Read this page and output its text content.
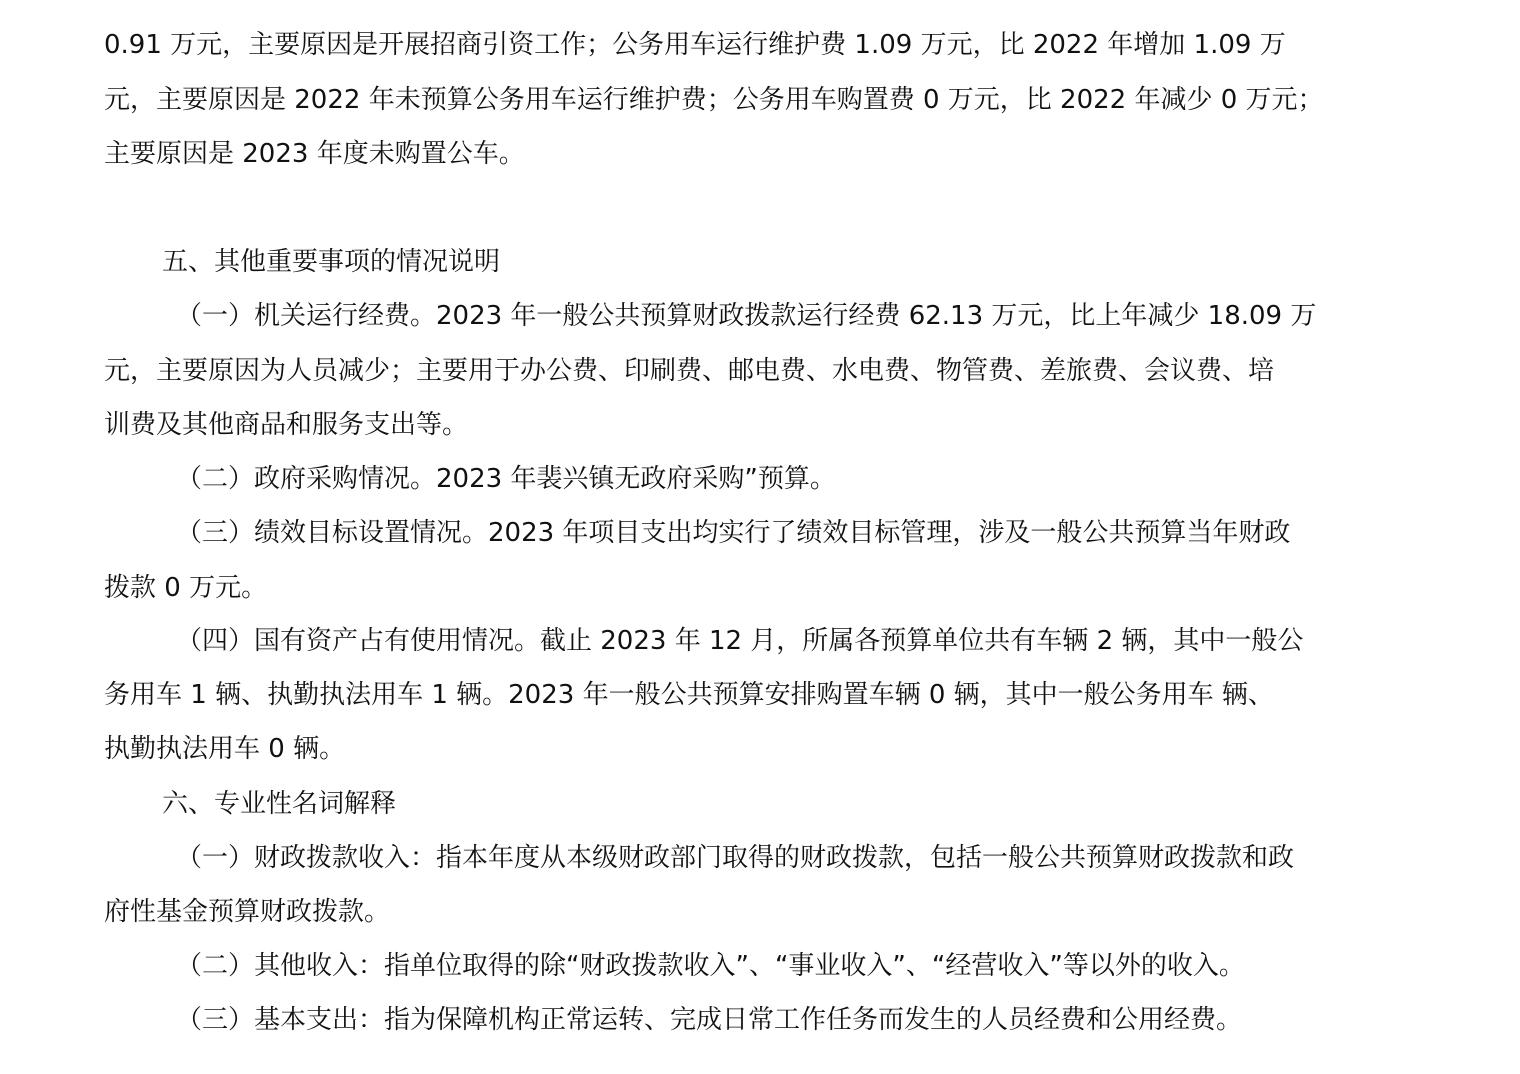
0.91 万元，主要原因是开展招商引资工作；公务用车运行维护费 1.09 万元，比 2022 年增加 1.09 万
元，主要原因是 2022 年未预算公务用车运行维护费；公务用车购置费 0 万元，比 2022 年减少 0 万元；
主要原因是 2023 年度未购置公车。
五、其他重要事项的情况说明
（一）机关运行经费。2023 年一般公共预算财政拨款运行经费 62.13 万元，比上年减少 18.09 万
元，主要原因为人员减少；主要用于办公费、印刷费、邮电费、水电费、物管费、差旅费、会议费、培
训费及其他商品和服务支出等。
（二）政府采购情况。2023 年裴兴镇无政府采购”预算。
（三）绩效目标设置情况。2023 年项目支出均实行了绩效目标管理，涉及一般公共预算当年财政
拨款 0 万元。
（四）国有资产占有使用情况。截止 2023 年 12 月，所属各预算单位共有车辆 2 辆，其中一般公
务用车 1 辆、执勤执法用车 1 辆。2023 年一般公共预算安排购置车辆 0 辆，其中一般公务用车 辆、
执勤执法用车 0 辆。
六、专业性名词解释
（一）财政拨款收入：指本年度从本级财政部门取得的财政拨款，包括一般公共预算财政拨款和政
府性基金预算财政拨款。
（二）其他收入：指单位取得的除“财政拨款收入”、“事业收入”、“经营收入”等以外的收入。
（三）基本支出：指为保障机构正常运转、完成日常工作任务而发生的人员经费和公用经费。
